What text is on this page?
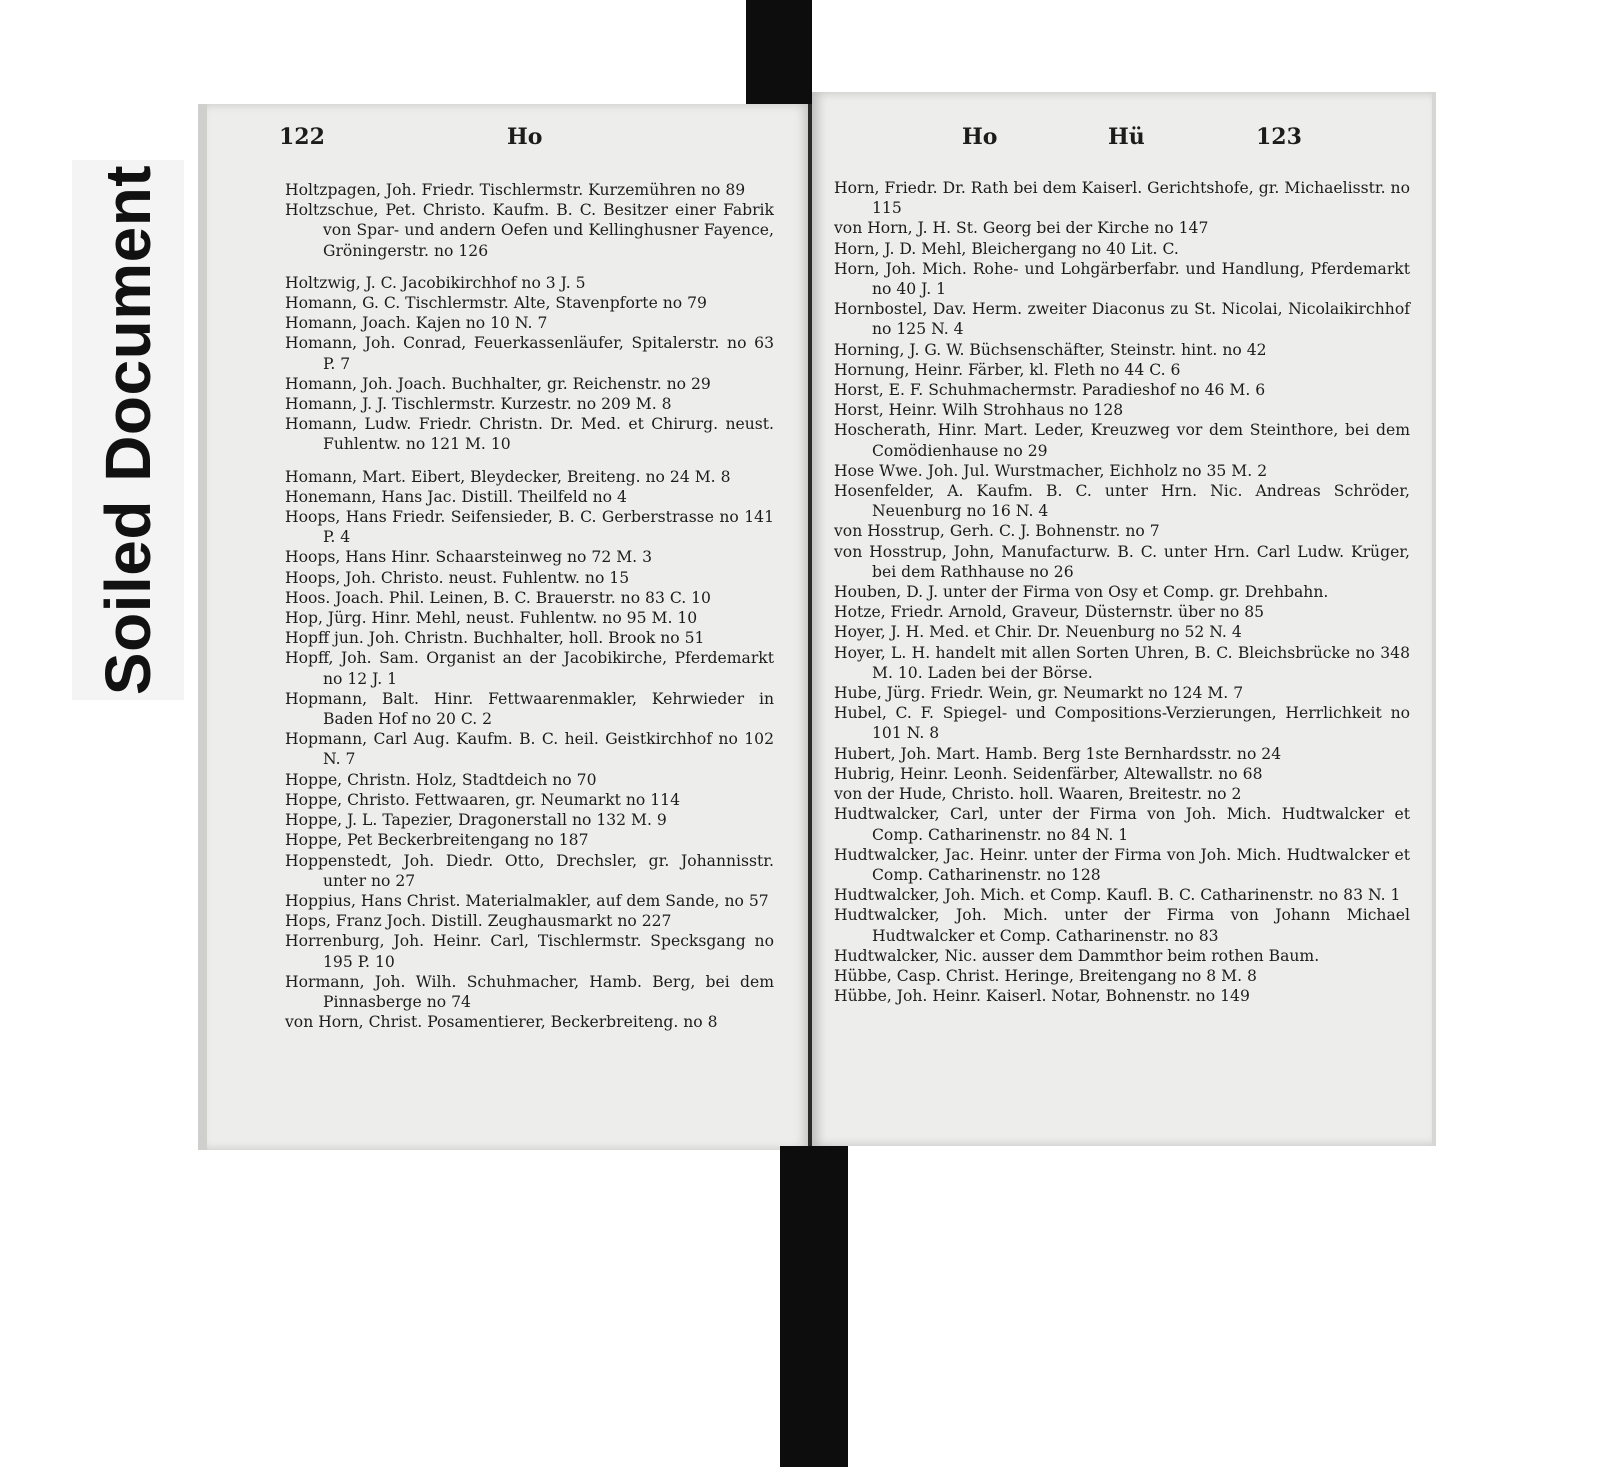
Soiled Document
122	Ho

Holtzpagen, Joh. Friedr. Tischlermstr. Kurzemühren no 89

Holtzschue, Pet. Christo. Kaufm. B. C. Besitzer einer Fabrik von Spar- und andern Oefen und Kellinghusner Fayence, Gröningerstr. no 126

Holtzwig, J. C. Jacobikirchhof no 3 J. 5

Homann, G. C. Tischlermstr. Alte, Stavenpforte no 79

Homann, Joach. Kajen no 10 N. 7

Homann, Joh. Conrad, Feuerkassenläufer, Spitalerstr. no 63 P. 7

Homann, Joh. Joach. Buchhalter, gr. Reichenstr. no 29

Homann, J. J. Tischlermstr. Kurzestr. no 209 M. 8

Homann, Ludw. Friedr. Christn. Dr. Med. et Chirurg. neust. Fuhlentw. no 121 M. 10

Homann, Mart. Eibert, Bleydecker, Breiteng. no 24 M. 8

Honemann, Hans Jac. Distill. Theilfeld no 4

Hoops, Hans Friedr. Seifensieder, B. C. Gerberstrasse no 141 P. 4

Hoops, Hans Hinr. Schaarsteinweg no 72 M. 3

Hoops, Joh. Christo. neust. Fuhlentw. no 15

Hoos. Joach. Phil. Leinen, B. C. Brauerstr. no 83 C. 10

Hop, Jürg. Hinr. Mehl, neust. Fuhlentw. no 95 M. 10

Hopff jun. Joh. Christn. Buchhalter, holl. Brook no 51

Hopff, Joh. Sam. Organist an der Jacobikirche, Pferdemarkt no 12 J. 1

Hopmann, Balt. Hinr. Fettwaarenmakler, Kehrwieder in Baden Hof no 20 C. 2

Hopmann, Carl Aug. Kaufm. B. C. heil. Geistkirchhof no 102 N. 7

Hoppe, Christn. Holz, Stadtdeich no 70

Hoppe, Christo. Fettwaaren, gr. Neumarkt no 114

Hoppe, J. L. Tapezier, Dragonerstall no 132 M. 9

Hoppe, Pet Beckerbreitengang no 187

Hoppenstedt, Joh. Diedr. Otto, Drechsler, gr. Johannisstr. unter no 27

Hoppius, Hans Christ. Materialmakler, auf dem Sande, no 57

Hops, Franz Joch. Distill. Zeughausmarkt no 227

Horrenburg, Joh. Heinr. Carl, Tischlermstr. Specksgang no 195 P. 10

Hormann, Joh. Wilh. Schuhmacher, Hamb. Berg, bei dem Pinnasberge no 74

von Horn, Christ. Posamentierer, Beckerbreiteng. no 8

Ho	Hü	123

Horn, Friedr. Dr. Rath bei dem Kaiserl. Gerichtshofe, gr. Michaelisstr. no 115

von Horn, J. H. St. Georg bei der Kirche no 147

Horn, J. D. Mehl, Bleichergang no 40 Lit. C.

Horn, Joh. Mich. Rohe- und Lohgärberfabr. und Handlung, Pferdemarkt no 40 J. 1

Hornbostel, Dav. Herm. zweiter Diaconus zu St. Nicolai, Nicolaikirchhof no 125 N. 4

Horning, J. G. W. Büchsenschäfter, Steinstr. hint. no 42

Hornung, Heinr. Färber, kl. Fleth no 44 C. 6

Horst, E. F. Schuhmachermstr. Paradieshof no 46 M. 6

Horst, Heinr. Wilh Strohhaus no 128

Hoscherath, Hinr. Mart. Leder, Kreuzweg vor dem Steinthore, bei dem Comödienhause no 29

Hose Wwe. Joh. Jul. Wurstmacher, Eichholz no 35 M. 2

Hosenfelder, A. Kaufm. B. C. unter Hrn. Nic. Andreas Schröder, Neuenburg no 16 N. 4

von Hosstrup, Gerh. C. J. Bohnenstr. no 7

von Hosstrup, John, Manufacturw. B. C. unter Hrn. Carl Ludw. Krüger, bei dem Rathhause no 26

Houben, D. J. unter der Firma von Osy et Comp. gr. Drehbahn.

Hotze, Friedr. Arnold, Graveur, Düsternstr. über no 85

Hoyer, J. H. Med. et Chir. Dr. Neuenburg no 52 N. 4

Hoyer, L. H. handelt mit allen Sorten Uhren, B. C. Bleichsbrücke no 348 M. 10. Laden bei der Börse.

Hube, Jürg. Friedr. Wein, gr. Neumarkt no 124 M. 7

Hubel, C. F. Spiegel- und Compositions-Verzierungen, Herrlichkeit no 101 N. 8

Hubert, Joh. Mart. Hamb. Berg 1ste Bernhardsstr. no 24

Hubrig, Heinr. Leonh. Seidenfärber, Altewallstr. no 68

von der Hude, Christo. holl. Waaren, Breitestr. no 2

Hudtwalcker, Carl, unter der Firma von Joh. Mich. Hudtwalcker et Comp. Catharinenstr. no 84 N. 1

Hudtwalcker, Jac. Heinr. unter der Firma von Joh. Mich. Hudtwalcker et Comp. Catharinenstr. no 128

Hudtwalcker, Joh. Mich. et Comp. Kaufl. B. C. Catharinenstr. no 83 N. 1

Hudtwalcker, Joh. Mich. unter der Firma von Johann Michael Hudtwalcker et Comp. Catharinenstr. no 83

Hudtwalcker, Nic. ausser dem Dammthor beim rothen Baum.

Hübbe, Casp. Christ. Heringe, Breitengang no 8 M. 8

Hübbe, Joh. Heinr. Kaiserl. Notar, Bohnenstr. no 149
